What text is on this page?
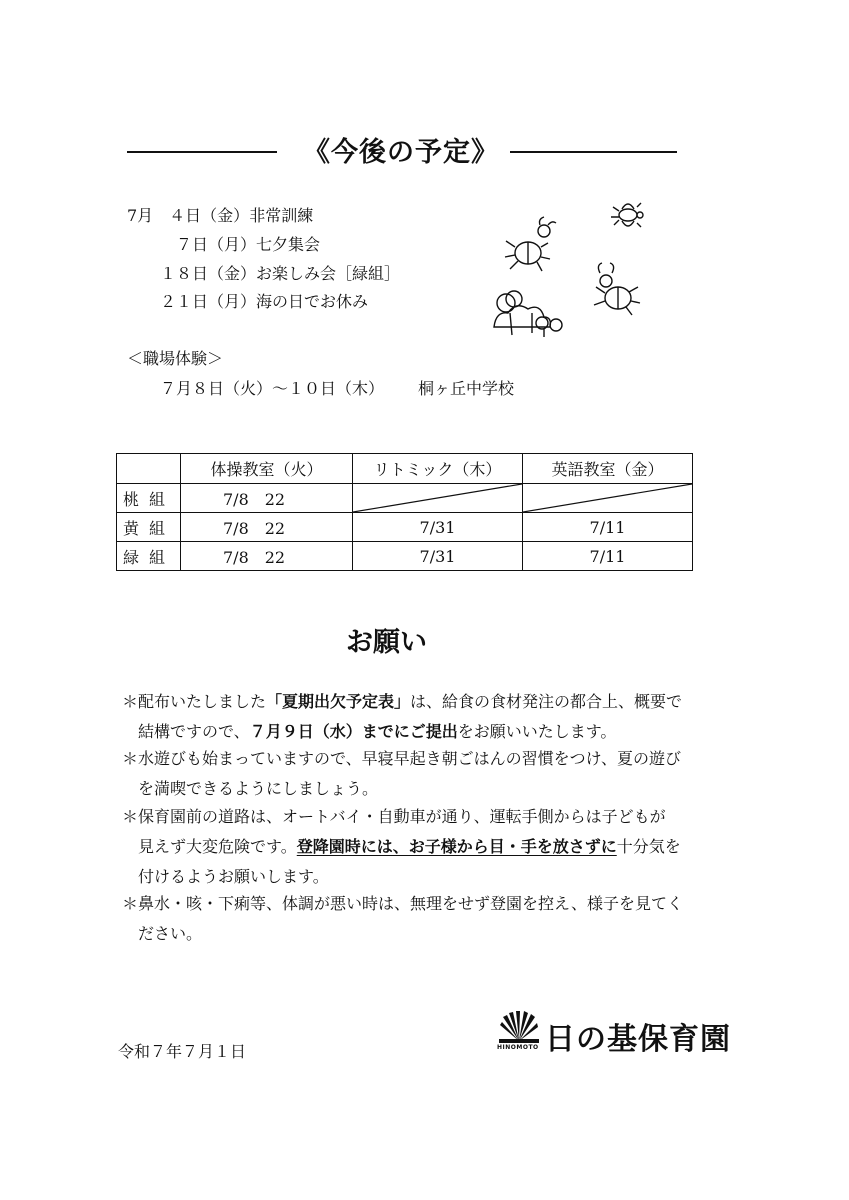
《今後の予定》
7月　４日（金）非常訓練
７日（月）七夕集会
１８日（金）お楽しみ会［緑組］
２１日（月）海の日でお休み
＜職場体験＞
７月８日（火）～１０日（木） 桐ヶ丘中学校
	体操教室（火）	リトミック（木）	英語教室（金）
桃組	7/8　22	

黄組	7/8　22	7/31	7/11
緑組	7/8　22	7/31	7/11
お願い
＊ 配布いたしました「夏期出欠予定表」は、給食の食材発注の都合上、概要で
結構ですので、７月９日（水）までにご提出をお願いいたします。
＊ 水遊びも始まっていますので、早寝早起き朝ごはんの習慣をつけ、夏の遊び
を満喫できるようにしましょう。
＊ 保育園前の道路は、オートバイ・自動車が通り、運転手側からは子どもが
見えず大変危険です。登降園時には、お子様から目・手を放さずに十分気を
付けるようお願いします。
＊ 鼻水・咳・下痢等、体調が悪い時は、無理をせず登園を控え、様子を見てく
ださい。
令和７年７月１日	HINOMOTO 日の基保育園
